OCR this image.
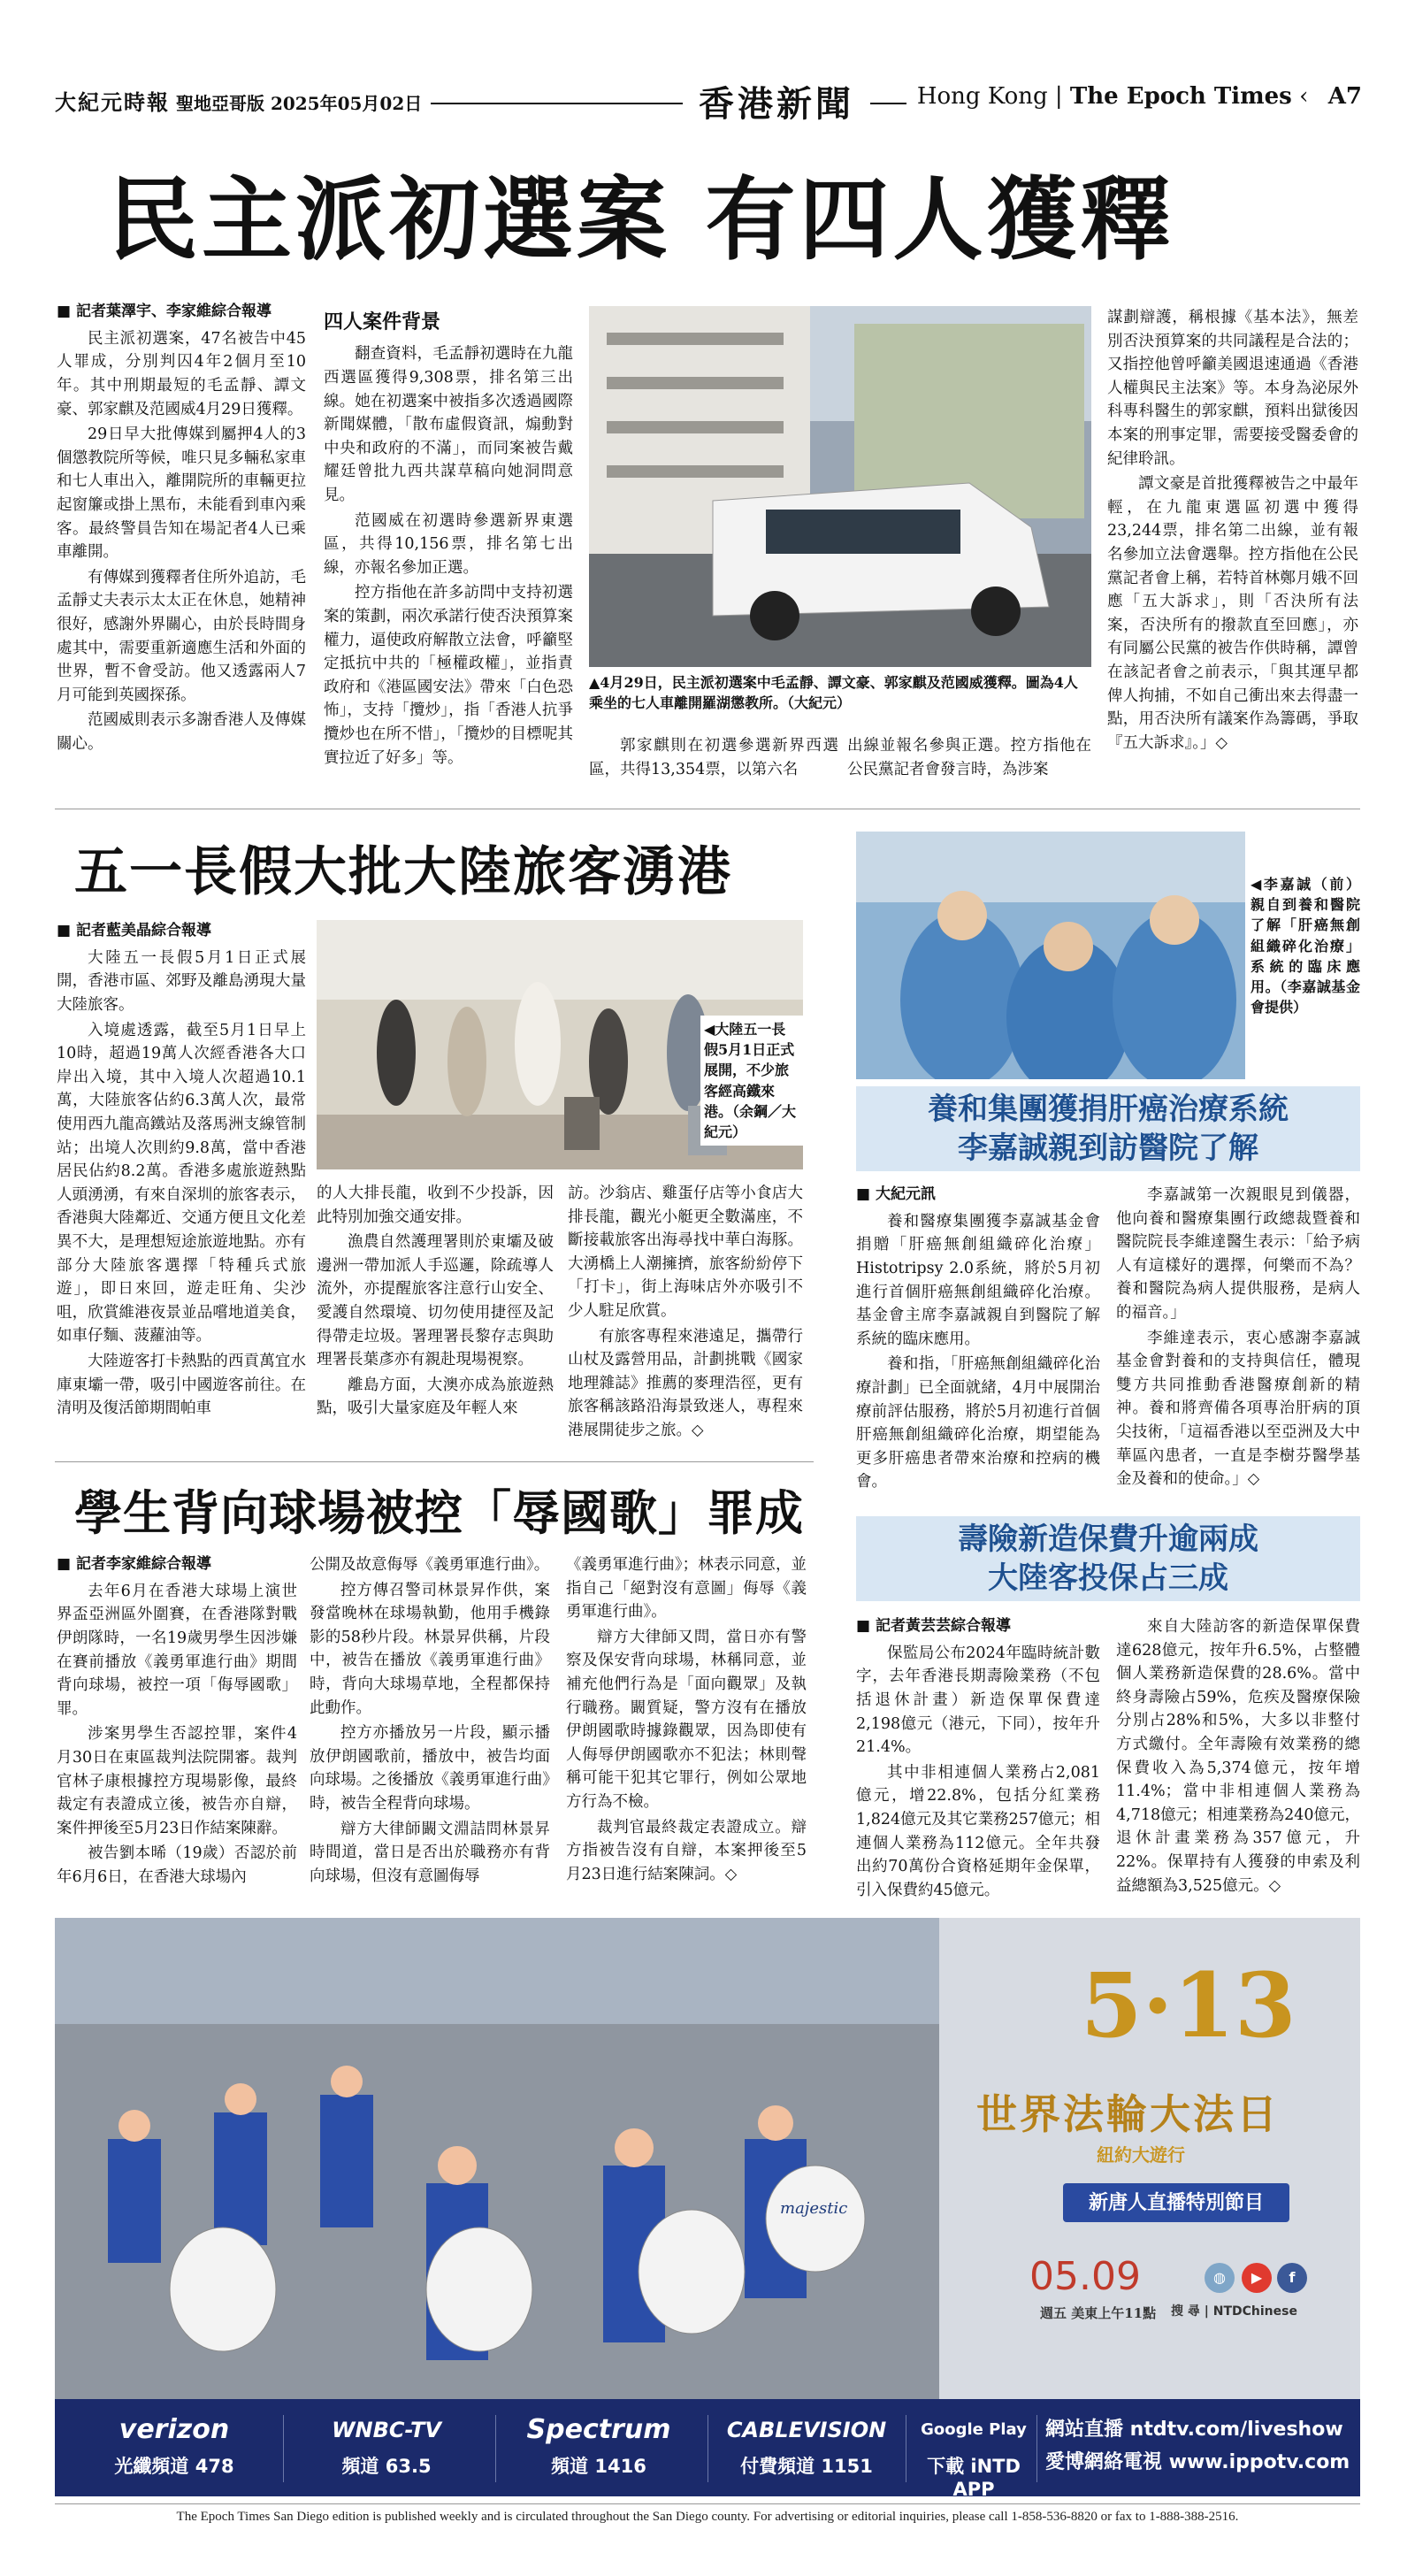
大紀元時報 聖地亞哥版 2025年05月02日	香港新聞	Hong Kong | The Epoch Times ‹ A7
民主派初選案 有四人獲釋
■ 記者葉澤宇、李家維綜合報導

民主派初選案，47名被告中45人罪成，分別判囚4年2個月至10年。其中刑期最短的毛孟靜、譚文豪、郭家麒及范國威4月29日獲釋。

29日早大批傳媒到屬押4人的3個懲教院所等候，唯只見多輛私家車和七人車出入，離開院所的車輛更拉起窗簾或掛上黑布，未能看到車內乘客。最終警員告知在場記者4人已乘車離開。

有傳媒到獲釋者住所外追訪，毛孟靜丈夫表示太太正在休息，她精神很好，感謝外界關心，由於長時間身處其中，需要重新適應生活和外面的世界，暫不會受訪。他又透露兩人7月可能到英國探孫。

范國威則表示多謝香港人及傳媒關心。

四人案件背景

翻查資料，毛孟靜初選時在九龍西選區獲得9,308票，排名第三出線。她在初選案中被指多次透過國際新聞媒體，「散布虛假資訊，煽動對中央和政府的不滿」，而同案被告戴耀廷曾批九西共謀草稿向她洞問意見。

范國威在初選時參選新界東選區，共得10,156票，排名第七出線，亦報名參加正選。

控方指他在許多訪問中支持初選案的策劃，兩次承諾行使否決預算案權力，逼使政府解散立法會，呼籲堅定抵抗中共的「極權政權」，並指責政府和《港區國安法》帶來「白色恐怖」，支持「攬炒」，指「香港人抗爭攬炒也在所不惜」，「攬炒的目標呢其實拉近了好多」等。

▲4月29日，民主派初選案中毛孟靜、譚文豪、郭家麒及范國威獲釋。圖為4人乘坐的七人車離開羅湖懲教所。（大紀元）

郭家麒則在初選參選新界西選區，共得13,354票，以第六名

出線並報名參與正選。控方指他在公民黨記者會發言時，為涉案

謀劃辯護，稱根據《基本法》，無差別否決預算案的共同議程是合法的；又指控他曾呼籲美國退速通過《香港人權與民主法案》等。本身為泌尿外科專科醫生的郭家麒，預料出獄後因本案的刑事定罪，需要接受醫委會的紀律聆訊。

譚文豪是首批獲釋被告之中最年輕，在九龍東選區初選中獲得23,244票，排名第二出線，並有報名參加立法會選舉。控方指他在公民黨記者會上稱，若特首林鄭月娥不回應「五大訴求」，則「否決所有法案，否決所有的撥款直至回應」，亦有同屬公民黨的被告作供時稱，譚曾在該記者會之前表示，「與其運早都俾人拘捕，不如自己衝出來去得盡一點，用否決所有議案作為籌碼，爭取『五大訴求』。」◇

五一長假大批大陸旅客湧港
■ 記者藍美晶綜合報導

大陸五一長假5月1日正式展開，香港市區、郊野及離島湧現大量大陸旅客。

入境處透露，截至5月1日早上10時，超過19萬人次經香港各大口岸出入境，其中入境人次超過10.1萬，大陸旅客佔約6.3萬人次，最常使用西九龍高鐵站及落馬洲支線管制站；出境人次則約9.8萬，當中香港居民佔約8.2萬。香港多處旅遊熱點人頭湧湧，有來自深圳的旅客表示，香港與大陸鄰近、交通方便且文化差異不大，是理想短途旅遊地點。亦有部分大陸旅客選擇「特種兵式旅遊」，即日來回，遊走旺角、尖沙咀，欣賞維港夜景並品嚐地道美食，如車仔麵、菠蘿油等。

大陸遊客打卡熱點的西貢萬宜水庫東壩一帶，吸引中國遊客前往。在清明及復活節期間帕車

◀大陸五一長假5月1日正式展開，不少旅客經高鐵來港。（余鋼／大紀元）

的人大排長龍，收到不少投訴，因此特別加強交通安排。

漁農自然護理署則於東壩及破邊洲一帶加派人手巡邏，除疏導人流外，亦提醒旅客注意行山安全、愛護自然環境、切勿使用捷徑及記得帶走垃圾。署理署長黎存志與助理署長葉彥亦有親赴現場視察。

離島方面，大澳亦成為旅遊熱點，吸引大量家庭及年輕人來

訪。沙翁店、雞蛋仔店等小食店大排長龍，觀光小艇更全數滿座，不斷接載旅客出海尋找中華白海豚。大湧橋上人潮擁擠，旅客紛紛停下「打卡」，街上海味店外亦吸引不少人駐足欣賞。

有旅客專程來港遠足，攜帶行山杖及露營用品，計劃挑戰《國家地理雜誌》推薦的麥理浩徑，更有旅客稱該路沿海景致迷人，專程來港展開徒步之旅。◇

學生背向球場被控「辱國歌」罪成
■ 記者李家維綜合報導

去年6月在香港大球場上演世界盃亞洲區外圍賽，在香港隊對戰伊朗隊時，一名19歲男學生因涉嫌在賽前播放《義勇軍進行曲》期間背向球場，被控一項「侮辱國歌」罪。

涉案男學生否認控罪，案件4月30日在東區裁判法院開審。裁判官林子康根據控方現場影像，最終裁定有表證成立後，被告亦自辯，案件押後至5月23日作結案陳辭。

被告劉本晞（19歲）否認於前年6月6日，在香港大球場內

公開及故意侮辱《義勇軍進行曲》。

控方傳召警司林景昇作供，案發當晚林在球場執勤，他用手機錄影的58秒片段。林景昇供稱，片段中，被告在播放《義勇軍進行曲》時，背向大球場草地，全程都保持此動作。

控方亦播放另一片段，顯示播放伊朗國歌前，播放中，被告均面向球場。之後播放《義勇軍進行曲》時，被告全程背向球場。

辯方大律師闞文淵詰問林景昇時間道，當日是否出於職務亦有背向球場，但沒有意圖侮辱

《義勇軍進行曲》；林表示同意，並指自己「絕對沒有意圖」侮辱《義勇軍進行曲》。

辯方大律師又問，當日亦有警察及保安背向球場，林稱同意，並補充他們行為是「面向觀眾」及執行職務。闞質疑，警方沒有在播放伊朗國歌時據錄觀眾，因為即使有人侮辱伊朗國歌亦不犯法；林則聲稱可能干犯其它罪行，例如公眾地方行為不檢。

裁判官最終裁定表證成立。辯方指被告沒有自辯，本案押後至5月23日進行結案陳詞。◇

◀李嘉誠（前）親自到養和醫院了解「肝癌無創組織碎化治療」系統的臨床應用。（李嘉誠基金會提供）
養和集團獲捐肝癌治療系統
李嘉誠親到訪醫院了解
■ 大紀元訊

養和醫療集團獲李嘉誠基金會捐贈「肝癌無創組織碎化治療」Histotripsy 2.0系統，將於5月初進行首個肝癌無創組織碎化治療。基金會主席李嘉誠親自到醫院了解系統的臨床應用。

養和指，「肝癌無創組織碎化治療計劃」已全面就緒，4月中展開治療前評估服務，將於5月初進行首個肝癌無創組織碎化治療，期望能為更多肝癌患者帶來治療和控病的機會。

李嘉誠第一次親眼見到儀器，他向養和醫療集團行政總裁暨養和醫院院長李維達醫生表示：「給予病人有這樣好的選擇，何樂而不為？養和醫院為病人提供服務，是病人的福音。」

李維達表示，衷心感謝李嘉誠基金會對養和的支持與信任，體現雙方共同推動香港醫療創新的精神。養和將齊備各項專治肝病的頂尖技術，「這福香港以至亞洲及大中華區內患者，一直是李樹芬醫學基金及養和的使命。」◇

壽險新造保費升逾兩成
大陸客投保占三成
■ 記者黃芸芸綜合報導

保監局公布2024年臨時統計數字，去年香港長期壽險業務（不包括退休計畫）新造保單保費達2,198億元（港元，下同），按年升21.4%。

其中非相連個人業務占2,081億元，增22.8%，包括分紅業務1,824億元及其它業務257億元；相連個人業務為112億元。全年共發出約70萬份合資格延期年金保單，引入保費約45億元。

來自大陸訪客的新造保單保費達628億元，按年升6.5%，占整體個人業務新造保費的28.6%。當中終身壽險占59%，危疾及醫療保險分別占28%和5%，大多以非整付方式繳付。全年壽險有效業務的總保費收入為5,374億元，按年增11.4%；當中非相連個人業務為4,718億元；相連業務為240億元，退休計畫業務為357億元，升22%。保單持有人獲發的申索及利益總額為3,525億元。◇

majestic
5·13
世界法輪大法日
紐約大遊行
新唐人直播特別節目
05.09
週五 美東上午11點
▶	f
◍
搜 尋 | NTDChinese
verizon
光纖頻道 478
WNBC-TV
頻道 63.5
Spectrum
頻道 1416
CABLEVISION
付費頻道 1151
Google Play
下載 iNTD APP
網站直播 ntdtv.com/liveshow
愛博網絡電視 www.ippotv.com
The Epoch Times San Diego edition is published weekly and is circulated throughout the San Diego county. For advertising or editorial inquiries, please call 1-858-536-8820 or fax to 1-888-388-2516.
